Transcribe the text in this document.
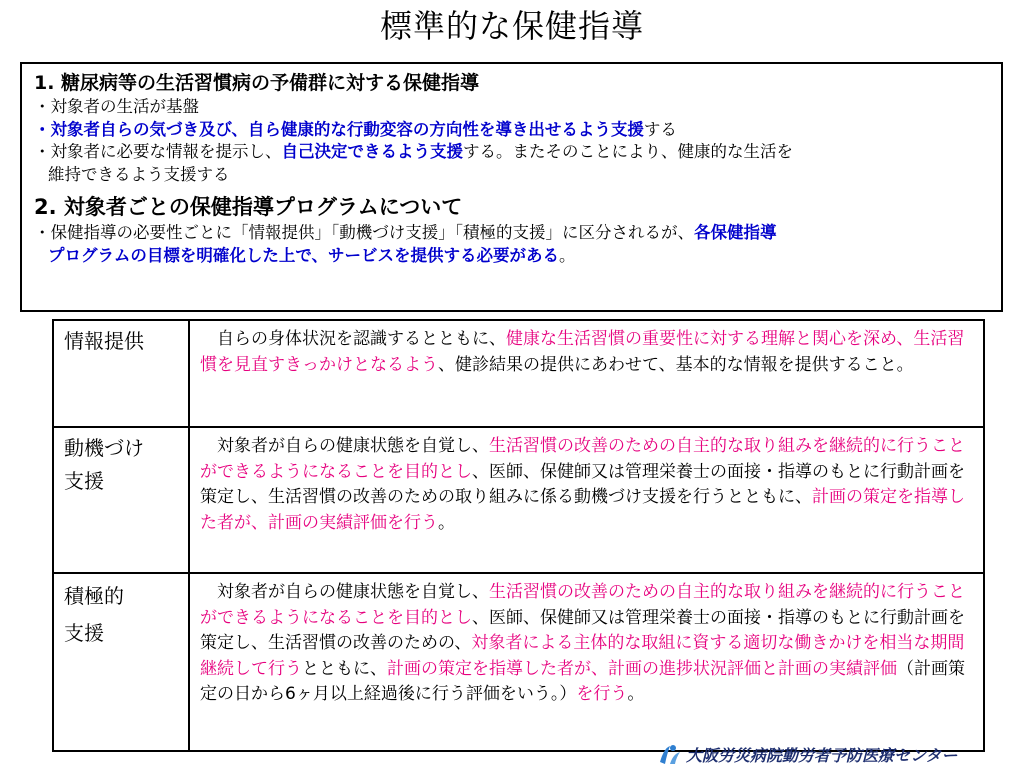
標準的な保健指導

1. 糖尿病等の生活習慣病の予備群に対する保健指導

・対象者の生活が基盤

・対象者自らの気づき及び、自ら健康的な行動変容の方向性を導き出せるよう支援する

・対象者に必要な情報を提示し、自己決定できるよう支援する。またそのことにより、健康的な生活を

維持できるよう支援する

2. 対象者ごとの保健指導プログラムについて

・保健指導の必要性ごとに「情報提供」「動機づけ支援」「積極的支援」に区分されるが、各保健指導

プログラムの目標を明確化した上で、サービスを提供する必要がある。

情報提供	　自らの身体状況を認識するとともに、健康な生活習慣の重要性に対する理解と関心を深め、生活習慣を見直すきっかけとなるよう、健診結果の提供にあわせて、基本的な情報を提供すること。
動機づけ
支援	　対象者が自らの健康状態を自覚し、生活習慣の改善のための自主的な取り組みを継続的に行うことができるようになることを目的とし、医師、保健師又は管理栄養士の面接・指導のもとに行動計画を策定し、生活習慣の改善のための取り組みに係る動機づけ支援を行うとともに、計画の策定を指導した者が、計画の実績評価を行う。
積極的
支援	　対象者が自らの健康状態を自覚し、生活習慣の改善のための自主的な取り組みを継続的に行うことができるようになることを目的とし、医師、保健師又は管理栄養士の面接・指導のもとに行動計画を策定し、生活習慣の改善のための、対象者による主体的な取組に資する適切な働きかけを相当な期間継続して行うとともに、計画の策定を指導した者が、計画の進捗状況評価と計画の実績評価（計画策定の日から6ヶ月以上経過後に行う評価をいう。）を行う。
大阪労災病院勤労者予防医療センター
